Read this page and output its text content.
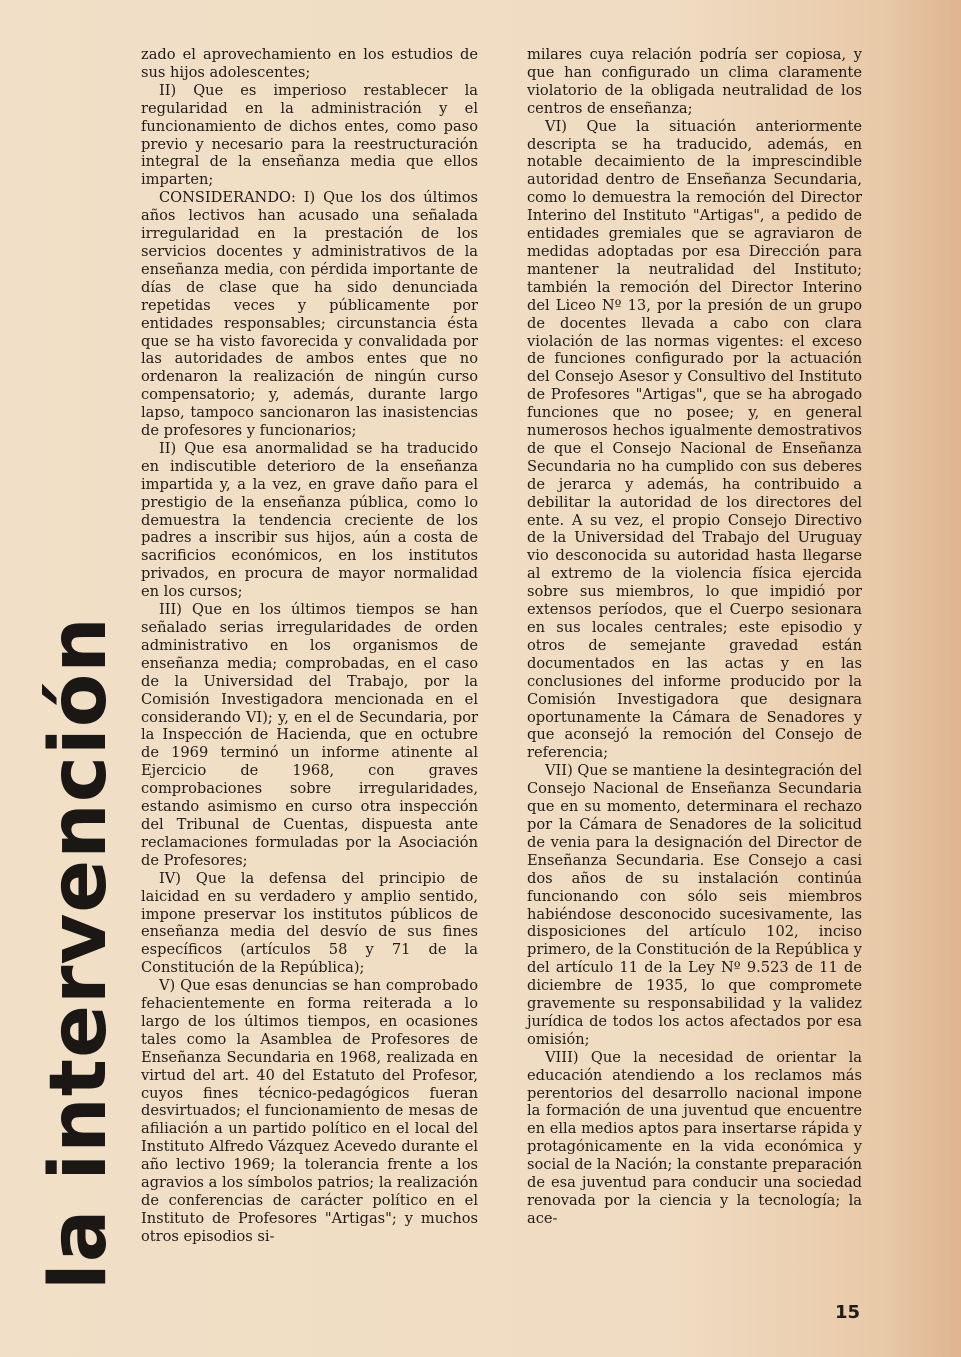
la intervención

zado el aprovechamiento en los estudios de sus hijos adolescentes;

II) Que es imperioso restablecer la regularidad en la administración y el funcionamiento de dichos entes, como paso previo y necesario para la reestructuración integral de la enseñanza media que ellos imparten;

CONSIDERANDO: I) Que los dos últimos años lectivos han acusado una señalada irregularidad en la prestación de los servicios docentes y administrativos de la enseñanza media, con pérdida importante de días de clase que ha sido denunciada repetidas veces y públicamente por entidades responsables; circunstancia ésta que se ha visto favorecida y convalidada por las autoridades de ambos entes que no ordenaron la realización de ningún curso compensatorio; y, además, durante largo lapso, tampoco sancionaron las inasistencias de profesores y funcionarios;

II) Que esa anormalidad se ha traducido en indiscutible deterioro de la enseñanza impartida y, a la vez, en grave daño para el prestigio de la enseñanza pública, como lo demuestra la tendencia creciente de los padres a inscribir sus hijos, aún a costa de sacrificios económicos, en los institutos privados, en procura de mayor normalidad en los cursos;

III) Que en los últimos tiempos se han señalado serias irregularidades de orden administrativo en los organismos de enseñanza media; comprobadas, en el caso de la Universidad del Trabajo, por la Comisión Investigadora mencionada en el considerando VI); y, en el de Secundaria, por la Inspección de Hacienda, que en octubre de 1969 terminó un informe atinente al Ejercicio de 1968, con graves comprobaciones sobre irregularidades, estando asimismo en curso otra inspección del Tribunal de Cuentas, dispuesta ante reclamaciones formuladas por la Asociación de Profesores;

IV) Que la defensa del principio de laicidad en su verdadero y amplio sentido, impone preservar los institutos públicos de enseñanza media del desvío de sus fines específicos (artículos 58 y 71 de la Constitución de la República);

V) Que esas denuncias se han comprobado fehacientemente en forma reiterada a lo largo de los últimos tiempos, en ocasiones tales como la Asamblea de Profesores de Enseñanza Secundaria en 1968, realizada en virtud del art. 40 del Estatuto del Profesor, cuyos fines técnico-pedagógicos fueran desvirtuados; el funcionamiento de mesas de afiliación a un partido político en el local del Instituto Alfredo Vázquez Acevedo durante el año lectivo 1969; la tolerancia frente a los agravios a los símbolos patrios; la realización de conferencias de carácter político en el Instituto de Profesores "Artigas"; y muchos otros episodios si-

milares cuya relación podría ser copiosa, y que han configurado un clima claramente violatorio de la obligada neutralidad de los centros de enseñanza;

VI) Que la situación anteriormente descripta se ha traducido, además, en notable decaimiento de la imprescindible autoridad dentro de Enseñanza Secundaria, como lo demuestra la remoción del Director Interino del Instituto "Artigas", a pedido de entidades gremiales que se agraviaron de medidas adoptadas por esa Dirección para mantener la neutralidad del Instituto; también la remoción del Director Interino del Liceo Nº 13, por la presión de un grupo de docentes llevada a cabo con clara violación de las normas vigentes: el exceso de funciones configurado por la actuación del Consejo Asesor y Consultivo del Instituto de Profesores "Artigas", que se ha abrogado funciones que no posee; y, en general numerosos hechos igualmente demostrativos de que el Consejo Nacional de Enseñanza Secundaria no ha cumplido con sus deberes de jerarca y además, ha contribuido a debilitar la autoridad de los directores del ente. A su vez, el propio Consejo Directivo de la Universidad del Trabajo del Uruguay vio desconocida su autoridad hasta llegarse al extremo de la violencia física ejercida sobre sus miembros, lo que impidió por extensos períodos, que el Cuerpo sesionara en sus locales centrales; este episodio y otros de semejante gravedad están documentados en las actas y en las conclusiones del informe producido por la Comisión Investigadora que designara oportunamente la Cámara de Senadores y que aconsejó la remoción del Consejo de referencia;

VII) Que se mantiene la desintegración del Consejo Nacional de Enseñanza Secundaria que en su momento, determinara el rechazo por la Cámara de Senadores de la solicitud de venia para la designación del Director de Enseñanza Secundaria. Ese Consejo a casi dos años de su instalación continúa funcionando con sólo seis miembros habiéndose desconocido sucesivamente, las disposiciones del artículo 102, inciso primero, de la Constitución de la República y del artículo 11 de la Ley Nº 9.523 de 11 de diciembre de 1935, lo que compromete gravemente su responsabilidad y la validez jurídica de todos los actos afectados por esa omisión;

VIII) Que la necesidad de orientar la educación atendiendo a los reclamos más perentorios del desarrollo nacional impone la formación de una juventud que encuentre en ella medios aptos para insertarse rápida y protagónicamente en la vida económica y social de la Nación; la constante preparación de esa juventud para conducir una sociedad renovada por la ciencia y la tecnología; la ace-

15
